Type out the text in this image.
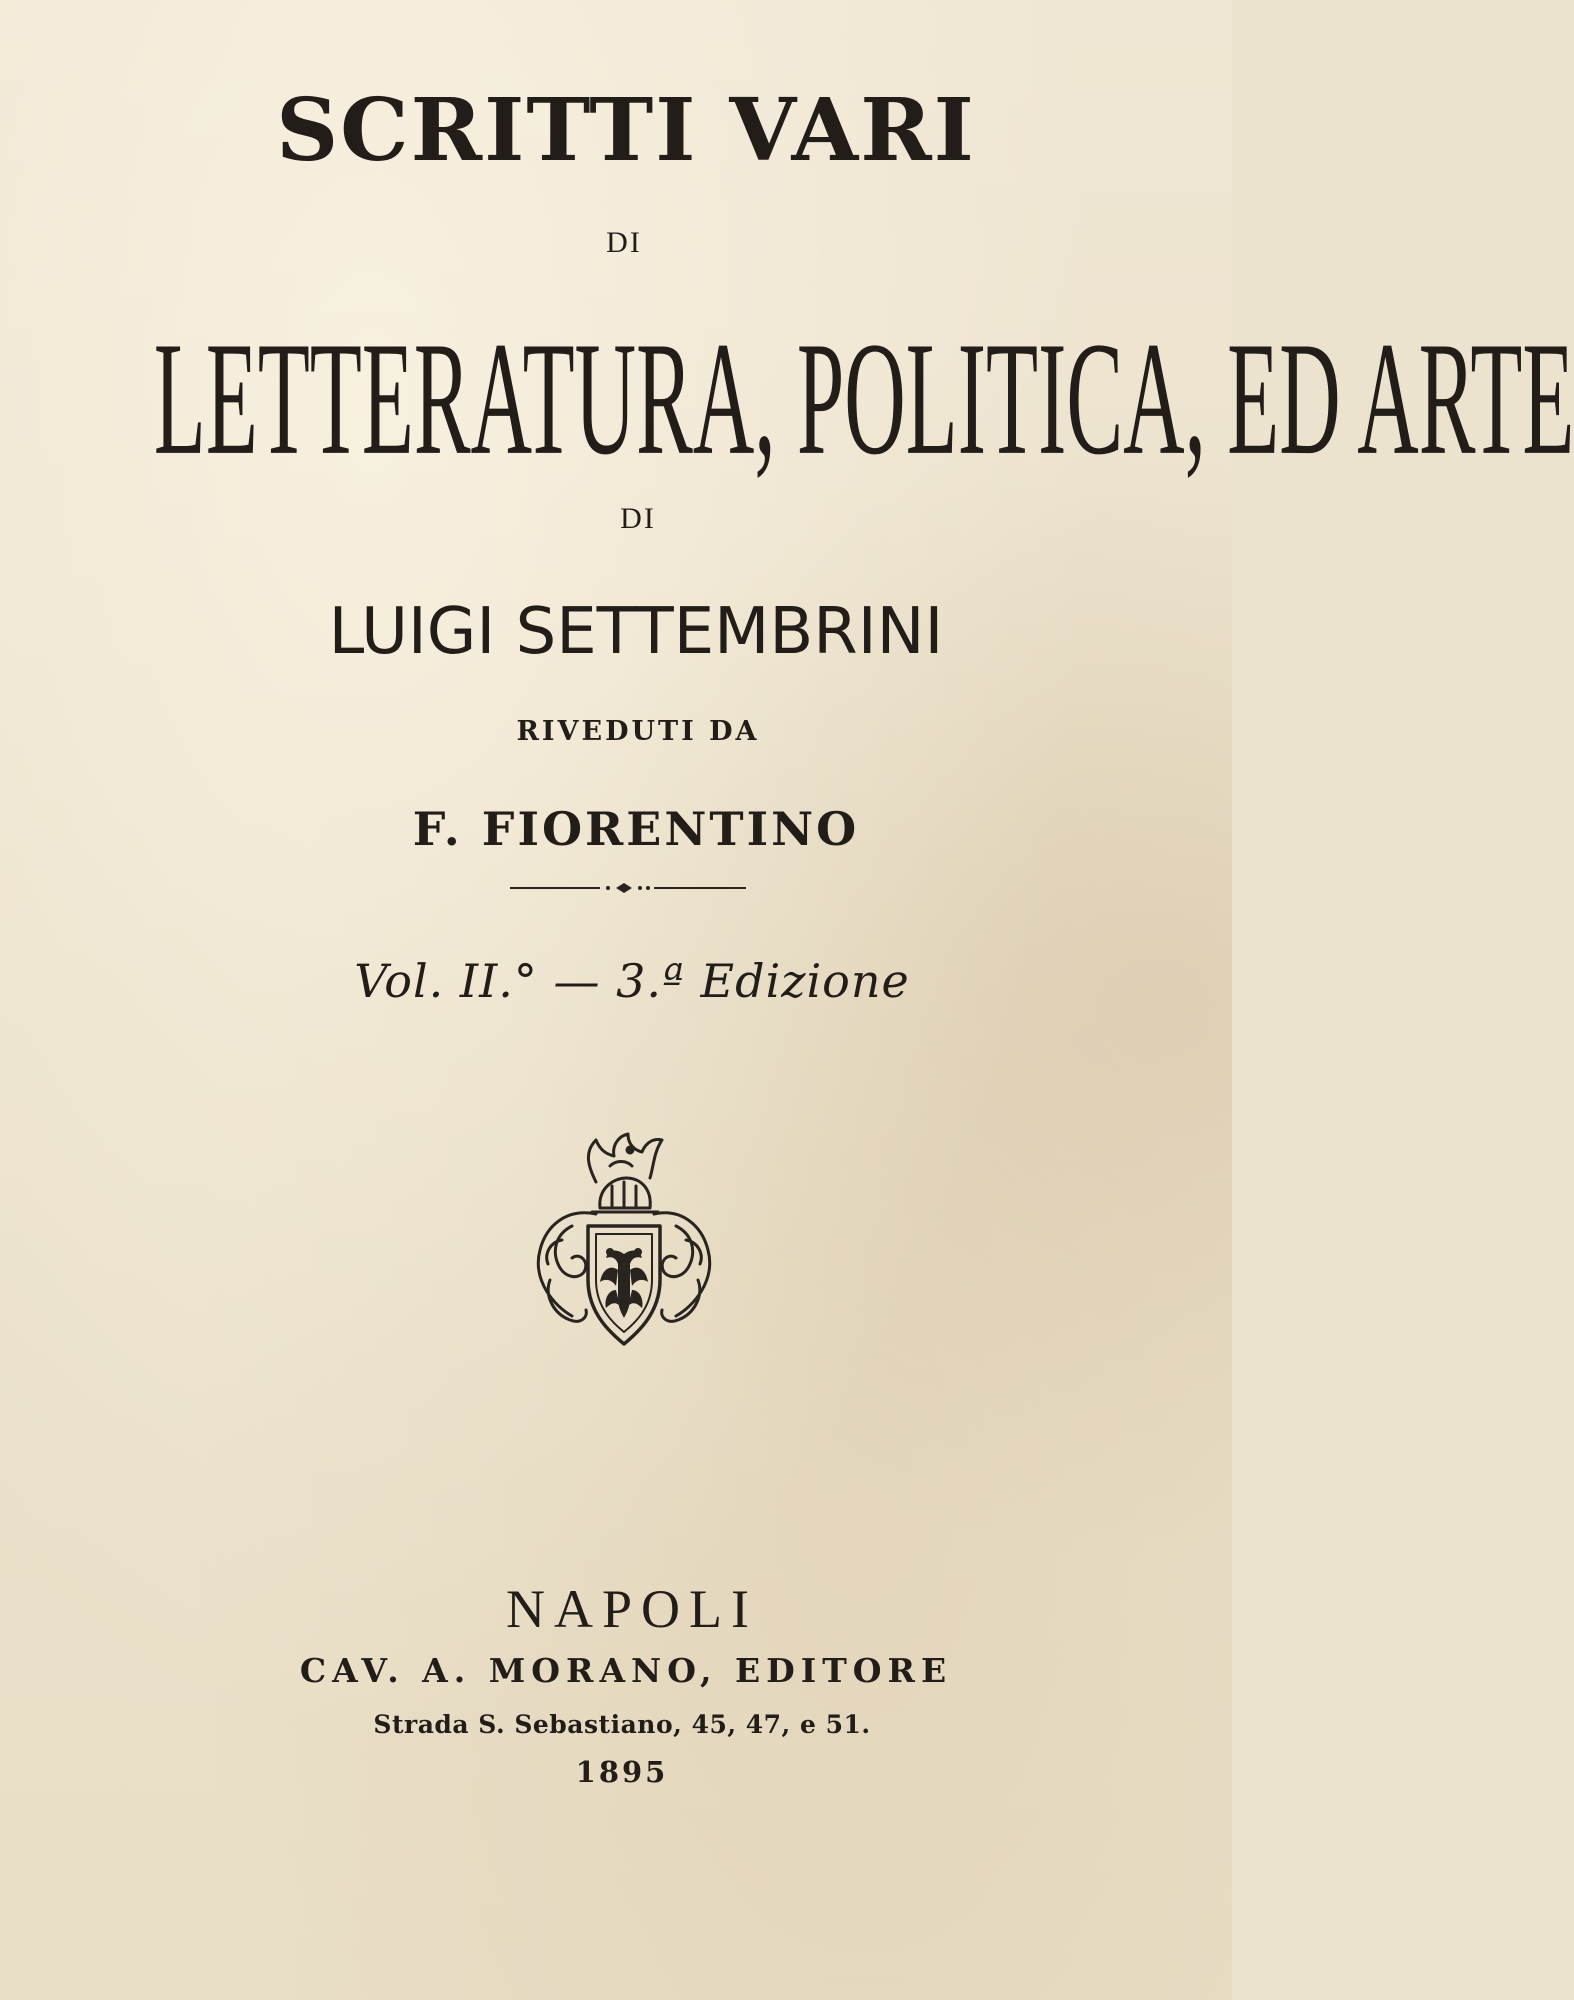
SCRITTI VARI
DI
LETTERATURA, POLITICA, ED ARTE
DI
LUIGI SETTEMBRINI
RIVEDUTI DA
F. FIORENTINO
Vol. II.° — 3.ª Edizione
NAPOLI
CAV. A. MORANO, EDITORE
Strada S. Sebastiano, 45, 47, e 51.
1895
